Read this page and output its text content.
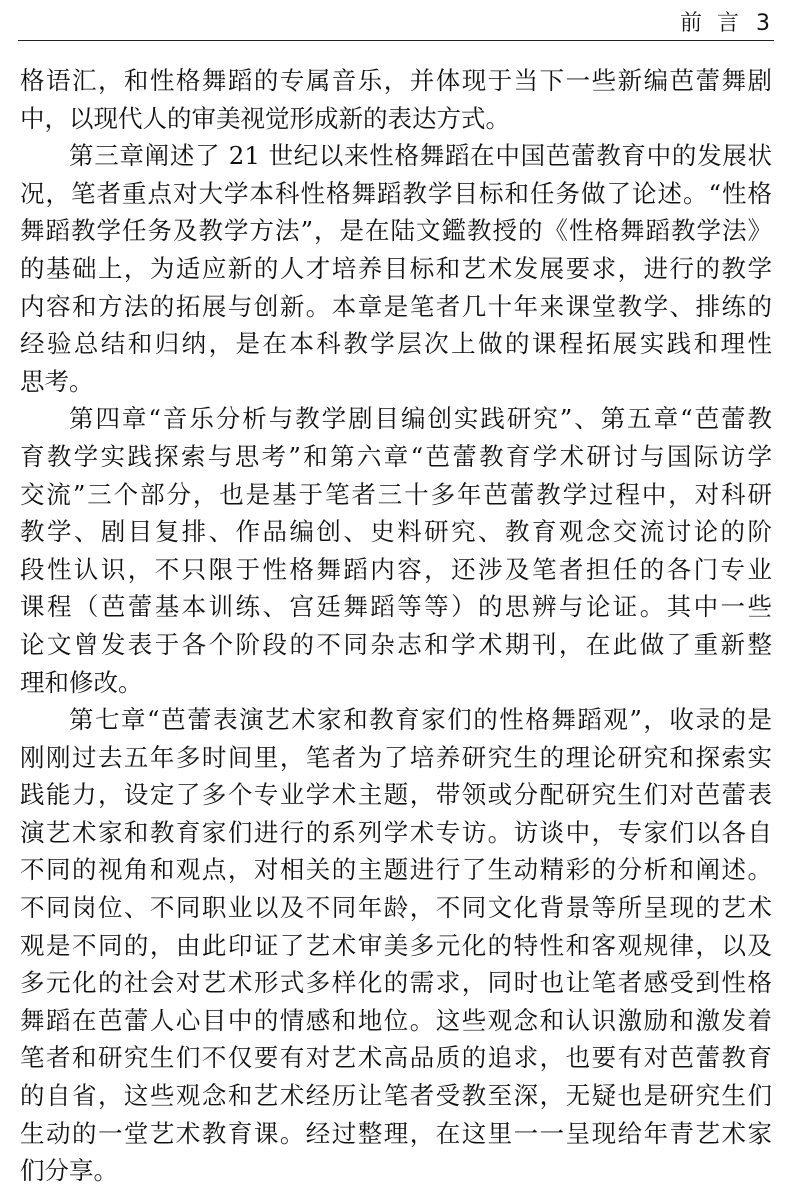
前 言 3
格语汇，和性格舞蹈的专属音乐，并体现于当下一些新编芭蕾舞剧
中，以现代人的审美视觉形成新的表达方式。
第三章阐述了 21 世纪以来性格舞蹈在中国芭蕾教育中的发展状
况，笔者重点对大学本科性格舞蹈教学目标和任务做了论述。“性格
舞蹈教学任务及教学方法”，是在陆文鑑教授的《性格舞蹈教学法》
的基础上，为适应新的人才培养目标和艺术发展要求，进行的教学
内容和方法的拓展与创新。本章是笔者几十年来课堂教学、排练的
经验总结和归纳，是在本科教学层次上做的课程拓展实践和理性
思考。
第四章“音乐分析与教学剧目编创实践研究”、第五章“芭蕾教
育教学实践探索与思考”和第六章“芭蕾教育学术研讨与国际访学
交流”三个部分，也是基于笔者三十多年芭蕾教学过程中，对科研
教学、剧目复排、作品编创、史料研究、教育观念交流讨论的阶
段性认识，不只限于性格舞蹈内容，还涉及笔者担任的各门专业
课程（芭蕾基本训练、宫廷舞蹈等等）的思辨与论证。其中一些
论文曾发表于各个阶段的不同杂志和学术期刊，在此做了重新整
理和修改。
第七章“芭蕾表演艺术家和教育家们的性格舞蹈观”，收录的是
刚刚过去五年多时间里，笔者为了培养研究生的理论研究和探索实
践能力，设定了多个专业学术主题，带领或分配研究生们对芭蕾表
演艺术家和教育家们进行的系列学术专访。访谈中，专家们以各自
不同的视角和观点，对相关的主题进行了生动精彩的分析和阐述。
不同岗位、不同职业以及不同年龄，不同文化背景等所呈现的艺术
观是不同的，由此印证了艺术审美多元化的特性和客观规律，以及
多元化的社会对艺术形式多样化的需求，同时也让笔者感受到性格
舞蹈在芭蕾人心目中的情感和地位。这些观念和认识激励和激发着
笔者和研究生们不仅要有对艺术高品质的追求，也要有对芭蕾教育
的自省，这些观念和艺术经历让笔者受教至深，无疑也是研究生们
生动的一堂艺术教育课。经过整理，在这里一一呈现给年青艺术家
们分享。
